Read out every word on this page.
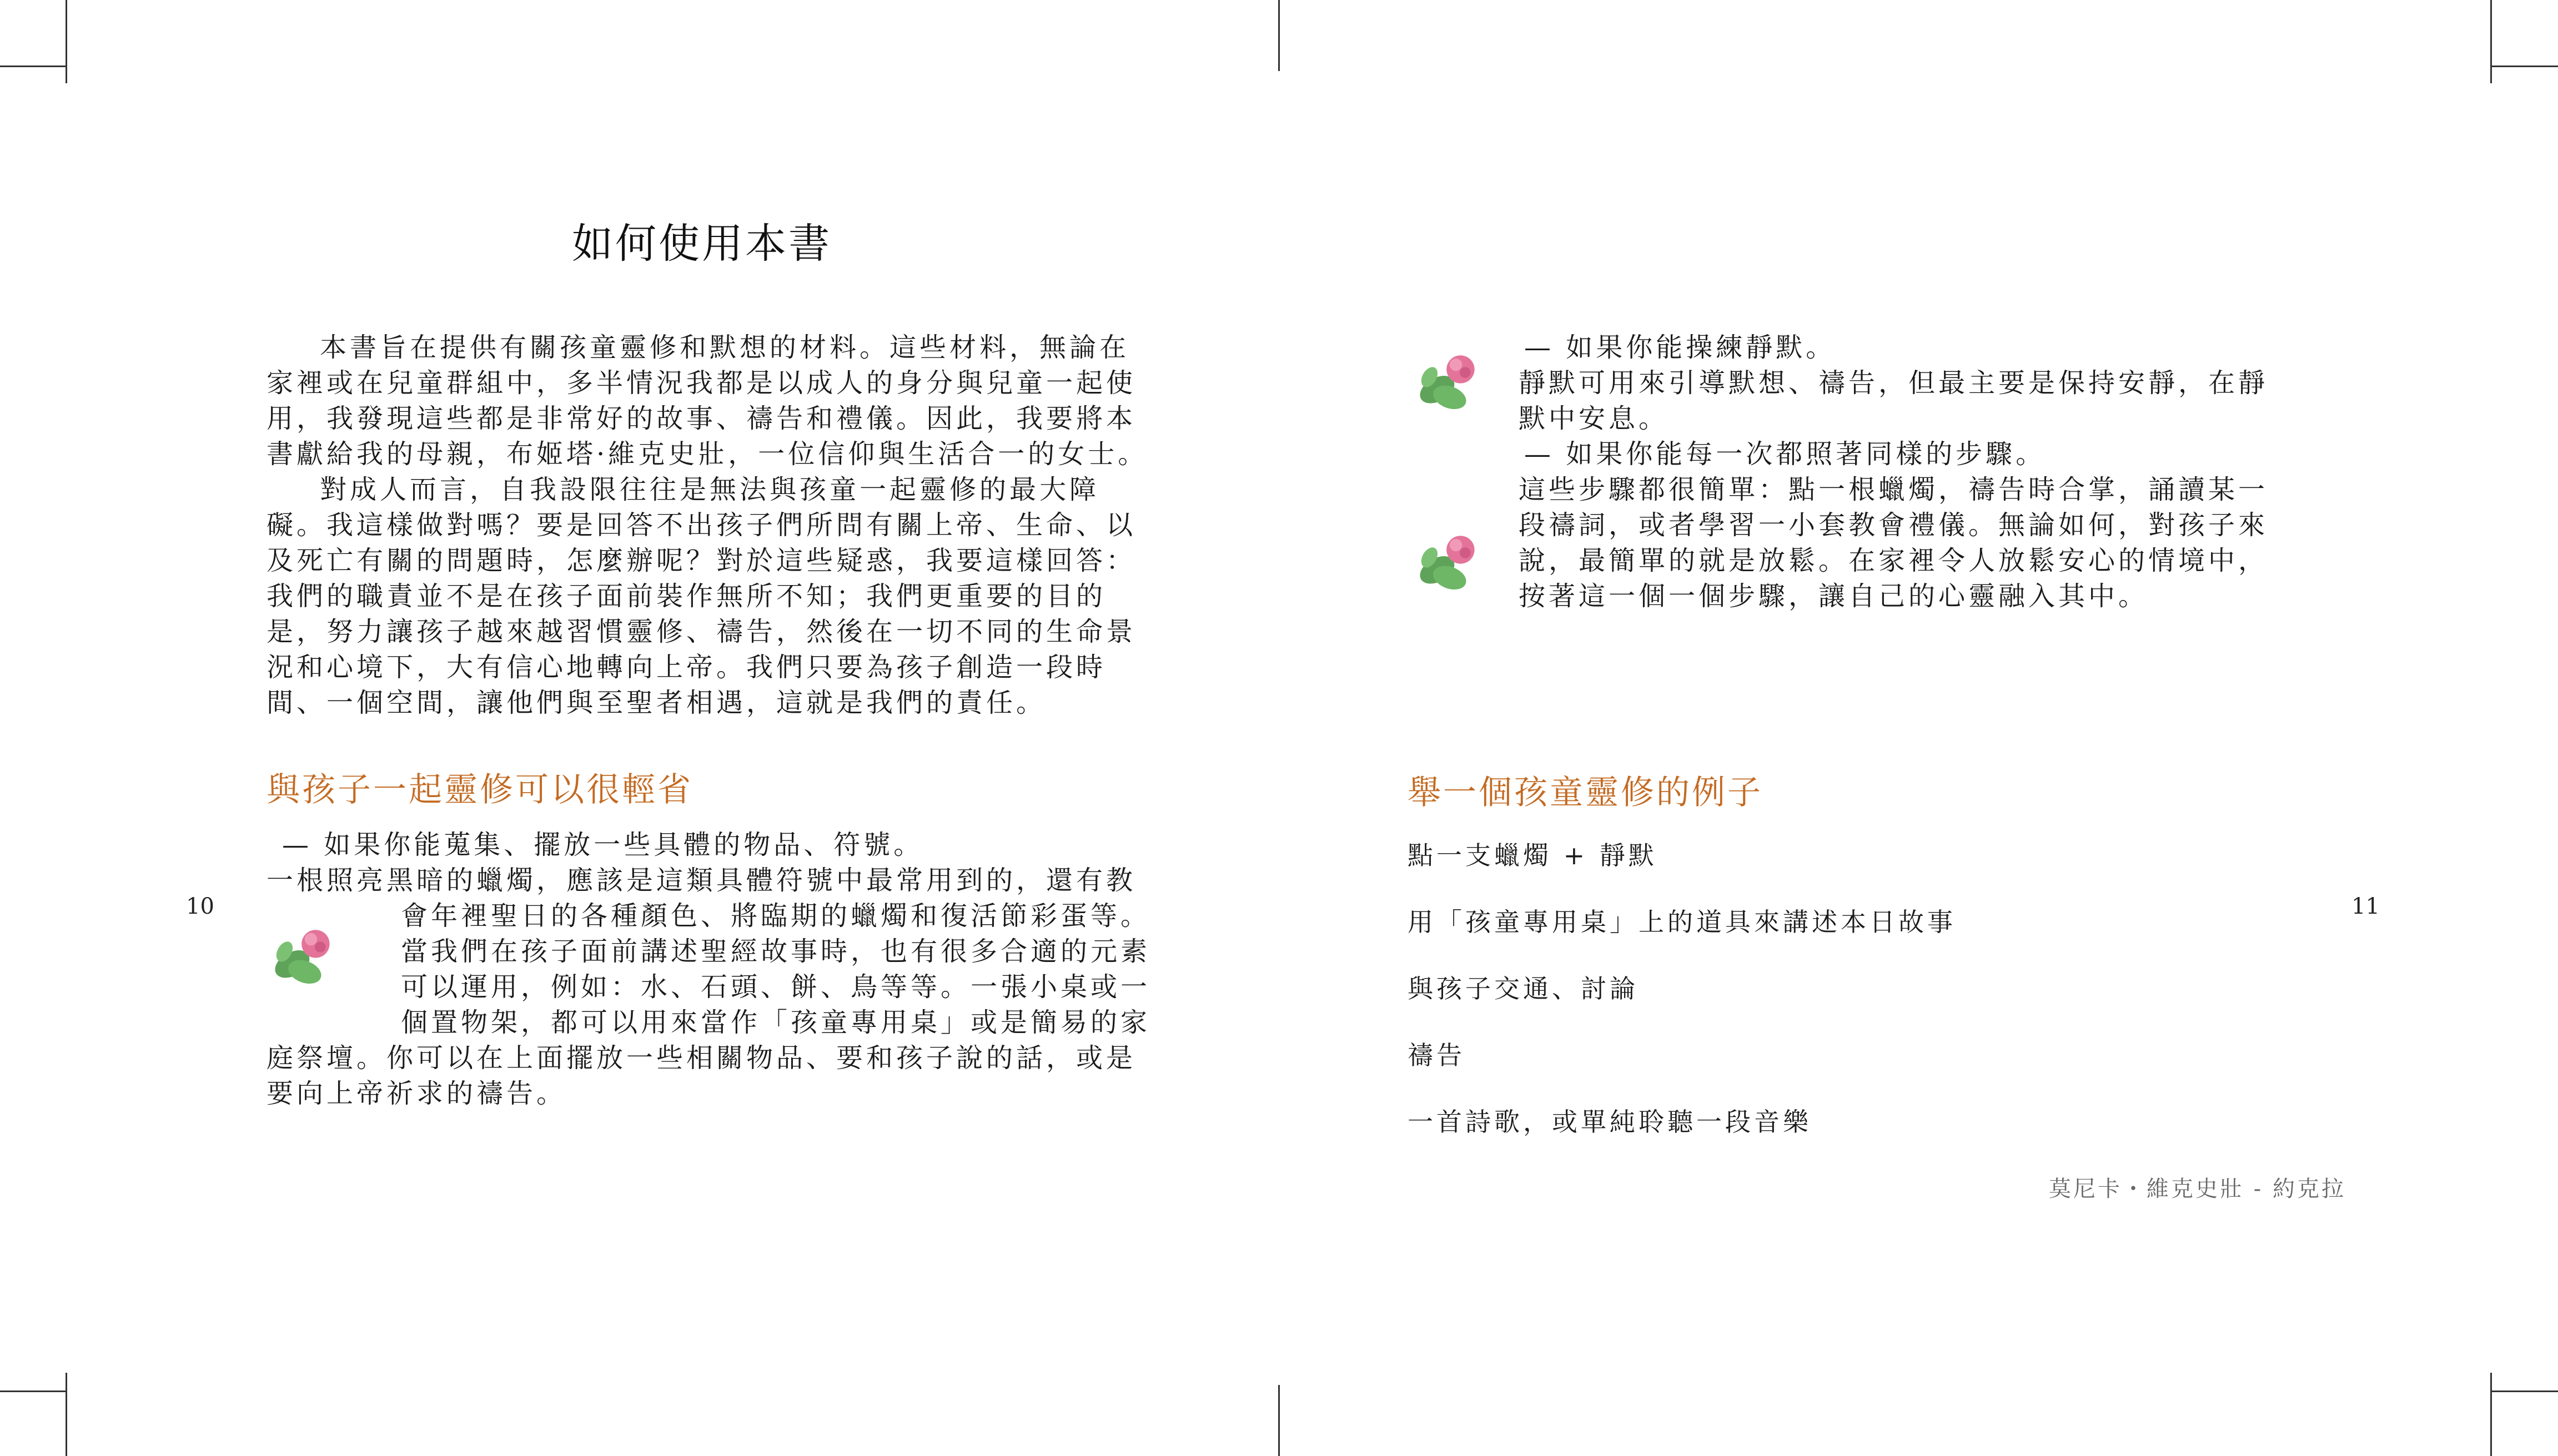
如何使用本書

本書旨在提供有關孩童靈修和默想的材料。這些材料，無論在家裡或在兒童群組中，多半情況我都是以成人的身分與兒童一起使用，我發現這些都是非常好的故事、禱告和禮儀。因此，我要將本書獻給我的母親，布姬塔·維克史壯，一位信仰與生活合一的女士。

對成人而言，自我設限往往是無法與孩童一起靈修的最大障礙。我這樣做對嗎？要是回答不出孩子們所問有關上帝、生命、以及死亡有關的問題時，怎麼辦呢？對於這些疑惑，我要這樣回答：我們的職責並不是在孩子面前裝作無所不知；我們更重要的目的是，努力讓孩子越來越習慣靈修、禱告，然後在一切不同的生命景況和心境下，大有信心地轉向上帝。我們只要為孩子創造一段時間、一個空間，讓他們與至聖者相遇，這就是我們的責任。

與孩子一起靈修可以很輕省
— 如果你能蒐集、擺放一些具體的物品、符號。
一根照亮黑暗的蠟燭，應該是這類具體符號中最常用到的，還有教
會年裡聖日的各種顏色、將臨期的蠟燭和復活節彩蛋等。
當我們在孩子面前講述聖經故事時，也有很多合適的元素
可以運用，例如：水、石頭、餅、鳥等等。一張小桌或一
個置物架，都可以用來當作「孩童專用桌」或是簡易的家
庭祭壇。你可以在上面擺放一些相關物品、要和孩子說的話，或是
要向上帝祈求的禱告。
10
— 如果你能操練靜默。
靜默可用來引導默想、禱告，但最主要是保持安靜，在靜
默中安息。
— 如果你能每一次都照著同樣的步驟。
這些步驟都很簡單：點一根蠟燭，禱告時合掌，誦讀某一
段禱詞，或者學習一小套教會禮儀。無論如何，對孩子來
說，最簡單的就是放鬆。在家裡令人放鬆安心的情境中，
按著這一個一個步驟，讓自己的心靈融入其中。
舉一個孩童靈修的例子
點一支蠟燭 + 靜默
用「孩童專用桌」上的道具來講述本日故事
與孩子交通、討論
禱告
一首詩歌，或單純聆聽一段音樂
11
莫尼卡・維克史壯 - 約克拉
